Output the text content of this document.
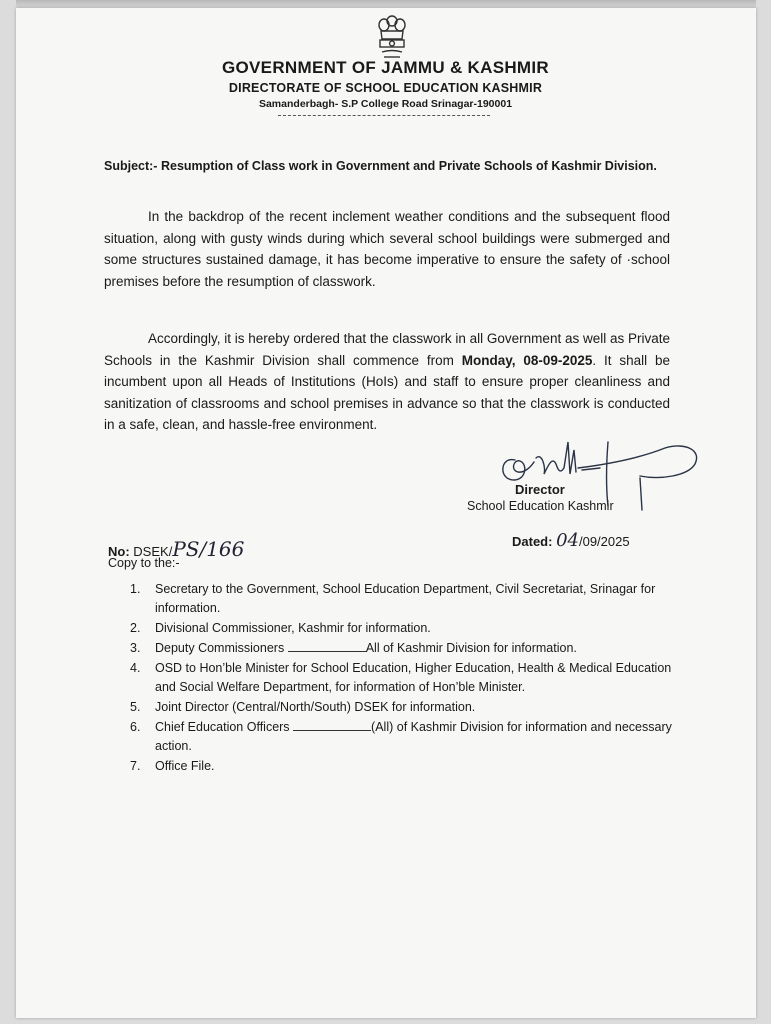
GOVERNMENT OF JAMMU & KASHMIR
DIRECTORATE OF SCHOOL EDUCATION KASHMIR
Samanderbagh- S.P College Road Srinagar-190001
Subject:- Resumption of Class work in Government and Private Schools of Kashmir Division.

In the backdrop of the recent inclement weather conditions and the subsequent flood situation, along with gusty winds during which several school buildings were submerged and some structures sustained damage, it has become imperative to ensure the safety of ·school premises before the resumption of classwork.

Accordingly, it is hereby ordered that the classwork in all Government as well as Private Schools in the Kashmir Division shall commence from Monday, 08-09-2025. It shall be incumbent upon all Heads of Institutions (HoIs) and staff to ensure proper cleanliness and sanitization of classrooms and school premises in advance so that the classwork is conducted in a safe, clean, and hassle-free environment.

Director
School Education Kashmir
No: DSEK/PS/166	Dated: 04/09/2025
Copy to the:-
1. Secretary to the Government, School Education Department, Civil Secretariat, Srinagar for information.
2. Divisional Commissioner, Kashmir for information.
3. Deputy Commissioners	All of Kashmir Division for information.
4. OSD to Hon’ble Minister for School Education, Higher Education, Health & Medical Education and Social Welfare Department, for information of Hon’ble Minister.
5. Joint Director (Central/North/South) DSEK for information.
6. Chief Education Officers	(All) of Kashmir Division for information and necessary action.
7. Office File.
